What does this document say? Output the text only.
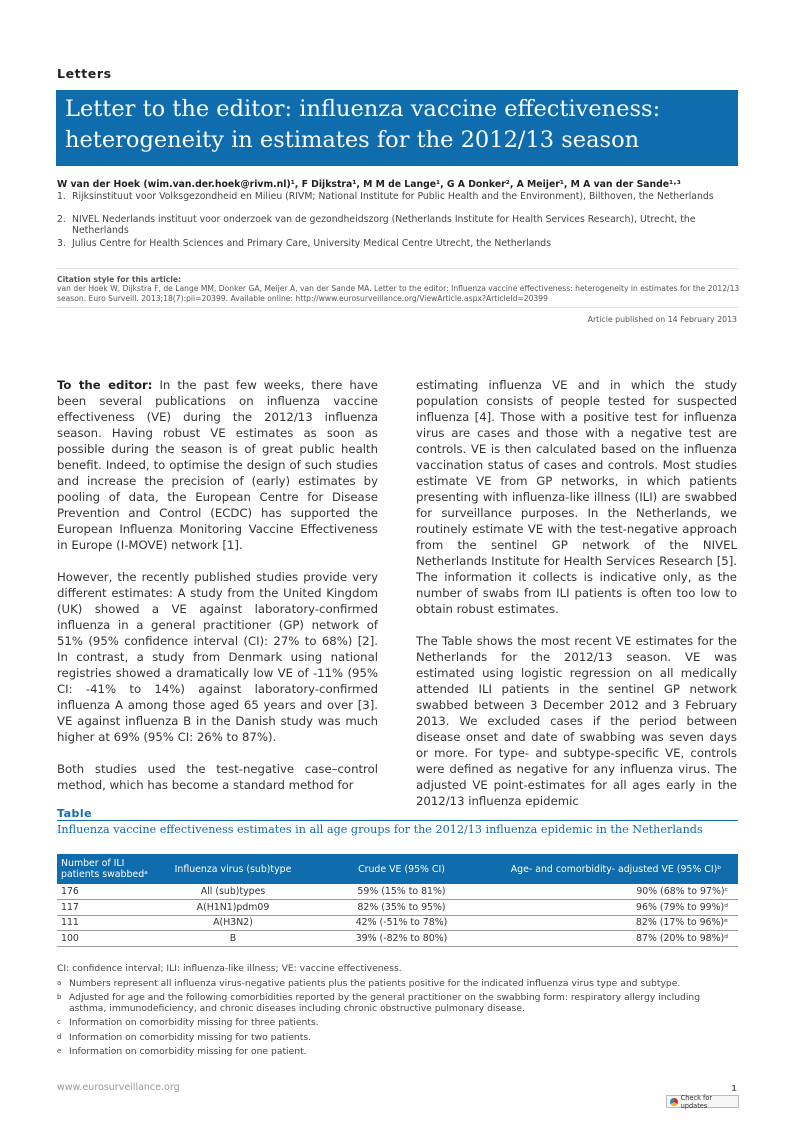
Letters
Letter to the editor: influenza vaccine effectiveness:
heterogeneity in estimates for the 2012/13 season
W van der Hoek (wim.van.der.hoek@rivm.nl)¹, F Dijkstra¹, M M de Lange¹, G A Donker², A Meijer¹, M A van der Sande¹·³
1. Rijksinstituut voor Volksgezondheid en Milieu (RIVM; National Institute for Public Health and the Environment), Bilthoven, the Netherlands
2. NIVEL Nederlands instituut voor onderzoek van de gezondheidszorg (Netherlands Institute for Health Services Research), Utrecht, the Netherlands
3. Julius Centre for Health Sciences and Primary Care, University Medical Centre Utrecht, the Netherlands
Citation style for this article:
van der Hoek W, Dijkstra F, de Lange MM, Donker GA, Meijer A, van der Sande MA. Letter to the editor: Influenza vaccine effectiveness: heterogeneity in estimates for the 2012/13 season. Euro Surveill. 2013;18(7):pii=20399. Available online: http://www.eurosurveillance.org/ViewArticle.aspx?ArticleId=20399
Article published on 14 February 2013

To the editor: In the past few weeks, there have been several publications on influenza vaccine effectiveness (VE) during the 2012/13 influenza season. Having robust VE estimates as soon as possible during the season is of great public health benefit. Indeed, to optimise the design of such studies and increase the precision of (early) estimates by pooling of data, the European Centre for Disease Prevention and Control (ECDC) has supported the European Influenza Monitoring Vaccine Effectiveness in Europe (I-MOVE) network [1].

However, the recently published studies provide very different estimates: A study from the United Kingdom (UK) showed a VE against laboratory-confirmed influenza in a general practitioner (GP) network of 51% (95% confidence interval (CI): 27% to 68%) [2]. In contrast, a study from Denmark using national registries showed a dramatically low VE of -11% (95% CI: -41% to 14%) against laboratory-confirmed influenza A among those aged 65 years and over [3]. VE against influenza B in the Danish study was much higher at 69% (95% CI: 26% to 87%).

Both studies used the test-negative case–control method, which has become a standard method for

estimating influenza VE and in which the study population consists of people tested for suspected influenza [4]. Those with a positive test for influenza virus are cases and those with a negative test are controls. VE is then calculated based on the influenza vaccination status of cases and controls. Most studies estimate VE from GP networks, in which patients presenting with influenza-like illness (ILI) are swabbed for surveillance purposes. In the Netherlands, we routinely estimate VE with the test-negative approach from the sentinel GP network of the NIVEL Netherlands Institute for Health Services Research [5]. The information it collects is indicative only, as the number of swabs from ILI patients is often too low to obtain robust estimates.

The Table shows the most recent VE estimates for the Netherlands for the 2012/13 season. VE was estimated using logistic regression on all medically attended ILI patients in the sentinel GP network swabbed between 3 December 2012 and 3 February 2013. We excluded cases if the period between disease onset and date of swabbing was seven days or more. For type- and subtype-specific VE, controls were defined as negative for any influenza virus. The adjusted VE point-estimates for all ages early in the 2012/13 influenza epidemic

Table
Influenza vaccine effectiveness estimates in all age groups for the 2012/13 influenza epidemic in the Netherlands
Number of ILI patients swabbedᵃ	Influenza virus (sub)type	Crude VE (95% CI)	Age- and comorbidity- adjusted VE (95% CI)ᵇ
176	All (sub)types	59% (15% to 81%)	90% (68% to 97%)ᶜ
117	A(H1N1)pdm09	82% (35% to 95%)	96% (79% to 99%)ᵈ
111	A(H3N2)	42% (-51% to 78%)	82% (17% to 96%)ᵉ
100	B	39% (-82% to 80%)	87% (20% to 98%)ᵈ
CI: confidence interval; ILI: influenza-like illness; VE: vaccine effectiveness.
a Numbers represent all influenza virus-negative patients plus the patients positive for the indicated influenza virus type and subtype.
b Adjusted for age and the following comorbidities reported by the general practitioner on the swabbing form: respiratory allergy including asthma, immunodeficiency, and chronic diseases including chronic obstructive pulmonary disease.
c Information on comorbidity missing for three patients.
d Information on comorbidity missing for two patients.
e Information on comorbidity missing for one patient.
www.eurosurveillance.org	1
Check for updates
